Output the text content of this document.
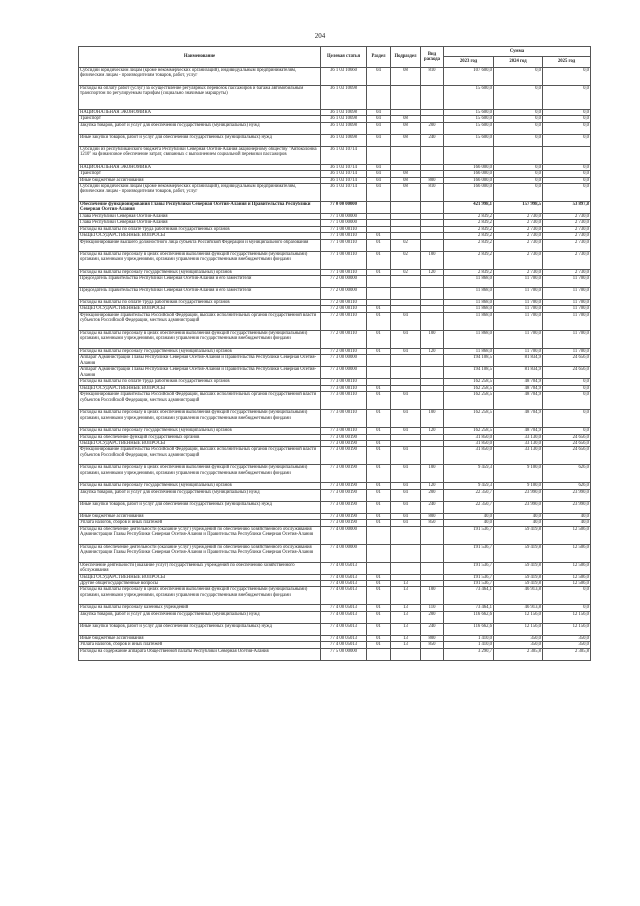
204
Наименование	Целевая статья	Раздел	Подраздел	Вид расхода	Сумма		
					2023 год	2024 год	2025 год
Субсидии юридическим лицам (кроме некоммерческих организаций), индивидуальным предпринимателям, физическим лицам - производителям товаров, работ, услуг	36 1 03 10660	04	08	810	107 600,0	0,0	0,0
Расходы на оплату работ (услуг) за осуществление регулярных перевозок пассажиров и багажа автомобильным транспортом по регулируемым тарифам (социально значимые маршруты)	36 1 03 10698				15 600,0	0,0	0,0
НАЦИОНАЛЬНАЯ ЭКОНОМИКА	36 1 03 10698	04			15 600,0	0,0	0,0
Транспорт	36 1 03 10698	04	08		15 600,0	0,0	0,0
Закупка товаров, работ и услуг для обеспечения государственных (муниципальных) нужд	36 1 03 10698	04	08	200	15 600,0	0,0	0,0
Иные закупки товаров, работ и услуг для обеспечения государственных (муниципальных) нужд	36 1 03 10698	04	08	240	15 600,0	0,0	0,0
Субсидии из республиканского бюджета Республики Северная Осетия-Алания акционерному обществу "Автоколонна 1210" на финансовое обеспечение затрат, связанных с выполнением социальной перевозки пассажиров	36 1 03 10714						
НАЦИОНАЛЬНАЯ ЭКОНОМИКА	36 1 03 10714	04			166 000,0	0,0	0,0
Транспорт	36 1 03 10714	04	08		166 000,0	0,0	0,0
Иные бюджетные ассигнования	36 1 03 10714	04	08	800	166 000,0	0,0	0,0
Субсидии юридическим лицам (кроме некоммерческих организаций), индивидуальным предпринимателям, физическим лицам - производителям товаров, работ, услуг	36 1 03 10714	04	08	810	166 000,0	0,0	0,0
Обеспечение функционирования Главы Республики Северная Осетия-Алания и Правительства Республики Северная Осетия-Алания	77 0 00 00000				421 998,1	157 998,5	53 897,8
Глава Республики Северная Осетия-Алания	77 1 00 00000				2 839,2	2 730,0	2 730,0
Глава Республики Северная Осетия-Алания	77 1 00 00000				2 839,2	2 730,0	2 730,0
Расходы на выплаты по оплате труда работников государственных органов	77 1 00 00110				2 839,2	2 730,0	2 730,0
ОБЩЕГОСУДАРСТВЕННЫЕ ВОПРОСЫ	77 1 00 00110	01			2 839,2	2 730,0	2 730,0
Функционирование высшего должностного лица субъекта Российской Федерации и муниципального образования	77 1 00 00110	01	02		2 839,2	2 730,0	2 730,0
Расходы на выплаты персоналу в целях обеспечения выполнения функций государственными (муниципальными) органами, казенными учреждениями, органами управления государственными внебюджетными фондами	77 1 00 00110	01	02	100	2 839,2	2 730,0	2 730,0
Расходы на выплаты персоналу государственных (муниципальных) органов	77 1 00 00110	01	02	120	2 839,2	2 730,0	2 730,0
Председатель Правительства Республики Северная Осетия-Алания и его заместители	77 2 00 00000				11 868,0	11 700,0	11 700,0
Председатель Правительства Республики Северная Осетия-Алания и его заместители	77 2 00 00000				11 868,0	11 700,0	11 700,0
Расходы на выплаты по оплате труда работников государственных органов	77 2 00 00110				11 868,0	11 700,0	11 700,0
ОБЩЕГОСУДАРСТВЕННЫЕ ВОПРОСЫ	77 2 00 00110	01			11 868,0	11 700,0	11 700,0
Функционирование Правительства Российской Федерации, высших исполнительных органов государственной власти субъектов Российской Федерации, местных администраций	77 2 00 00110	01	04		11 868,0	11 700,0	11 700,0
Расходы на выплаты персоналу в целях обеспечения выполнения функций государственными (муниципальными) органами, казенными учреждениями, органами управления государственными внебюджетными фондами	77 2 00 00110	01	04	100	11 868,0	11 700,0	11 700,0
Расходы на выплаты персоналу государственных (муниципальных) органов	77 2 00 00110	01	04	120	11 868,0	11 700,0	11 700,0
Аппарат Администрации Главы Республики Северная Осетия-Алания и Правительства Республики Северная Осетия-Алания	77 3 00 00000				194 108,5	81 834,9	24 656,0
Аппарат Администрации Главы Республики Северная Осетия-Алания и Правительства Республики Северная Осетия-Алания	77 3 00 00000				194 108,5	81 834,9	24 656,0
Расходы на выплаты по оплате труда работников государственных органов	77 3 00 00110				162 258,5	48 704,9	0,0
ОБЩЕГОСУДАРСТВЕННЫЕ ВОПРОСЫ	77 3 00 00110	01			162 258,5	48 704,9	0,0
Функционирование Правительства Российской Федерации, высших исполнительных органов государственной власти субъектов Российской Федерации, местных администраций	77 3 00 00110	01	04		162 258,5	48 704,9	0,0
Расходы на выплаты персоналу в целях обеспечения выполнения функций государственными (муниципальными) органами, казенными учреждениями, органами управления государственными внебюджетными фондами	77 3 00 00110	01	04	100	162 258,5	48 704,9	0,0
Расходы на выплаты персоналу государственных (муниципальных) органов	77 3 00 00110	01	04	120	162 258,5	48 704,9	0,0
Расходы на обеспечение функций государственных органов	77 3 00 00190				31 850,0	33 130,0	24 656,0
ОБЩЕГОСУДАРСТВЕННЫЕ ВОПРОСЫ	77 3 00 00190	01			31 850,0	33 130,0	24 656,0
Функционирование Правительства Российской Федерации, высших исполнительных органов государственной власти субъектов Российской Федерации, местных администраций	77 3 00 00190	01	04		31 850,0	33 130,0	24 656,0
Расходы на выплаты персоналу в целях обеспечения выполнения функций государственными (муниципальными) органами, казенными учреждениями, органами управления государственными внебюджетными фондами	77 3 00 00190	01	04	100	9 459,3	9 100,0	626,0
Расходы на выплаты персоналу государственных (муниципальных) органов	77 3 00 00190	01	04	120	9 459,3	9 100,0	626,0
Закупка товаров, работ и услуг для обеспечения государственных (муниципальных) нужд	77 3 00 00190	01	04	200	22 350,7	23 990,0	23 990,0
Иные закупки товаров, работ и услуг для обеспечения государственных (муниципальных) нужд	77 3 00 00190	01	04	240	22 350,7	23 990,0	23 990,0
Иные бюджетные ассигнования	77 3 00 00190	01	04	800	40,0	40,0	40,0
Уплата налогов, сборов и иных платежей	77 3 00 00190	01	04	850	40,0	40,0	40,0
Расходы на обеспечение деятельности (оказание услуг) учреждений по обеспечению хозяйственного обслуживания Администрации Главы Республики Северная Осетия-Алания и Правительства Республики Северная Осетия-Алания	77 4 00 00000				191 536,7	59 419,8	12 506,0
Расходы на обеспечение деятельности (оказание услуг) учреждений по обеспечению хозяйственного обслуживания Администрации Главы Республики Северная Осетия-Алания и Правительства Республики Северная Осетия-Алания	77 4 00 00000				191 536,7	59 419,8	12 506,0
Обеспечение деятельности (оказание услуг) государственных учреждений по обеспечению хозяйственного обслуживания	77 4 00 05013				191 536,7	59 419,8	12 506,0
ОБЩЕГОСУДАРСТВЕННЫЕ ВОПРОСЫ	77 4 00 05013	01			191 536,7	59 419,8	12 506,0
Другие общегосударственные вопросы	77 4 00 05013	01	13		191 536,7	59 419,8	12 506,0
Расходы на выплаты персоналу в целях обеспечения выполнения функций государственными (муниципальными) органами, казенными учреждениями, органами управления государственными внебюджетными фондами	77 4 00 05013	01	13	100	73 464,1	46 913,8	0,0
Расходы на выплаты персоналу казенных учреждений	77 4 00 05013	01	13	110	73 464,1	46 913,8	0,0
Закупка товаров, работ и услуг для обеспечения государственных (муниципальных) нужд	77 4 00 05013	01	13	200	116 662,6	12 156,0	12 156,0
Иные закупки товаров, работ и услуг для обеспечения государственных (муниципальных) нужд	77 4 00 05013	01	13	240	116 662,6	12 156,0	12 156,0
Иные бюджетные ассигнования	77 4 00 05013	01	13	800	1 410,0	350,0	350,0
Уплата налогов, сборов и иных платежей	77 4 00 05013	01	13	850	1 410,0	350,0	350,0
Расходы на содержание аппарата Общественной палаты Республики Северная Осетия-Алания	77 5 00 00000				3 290,7	2 305,8	2 305,8
